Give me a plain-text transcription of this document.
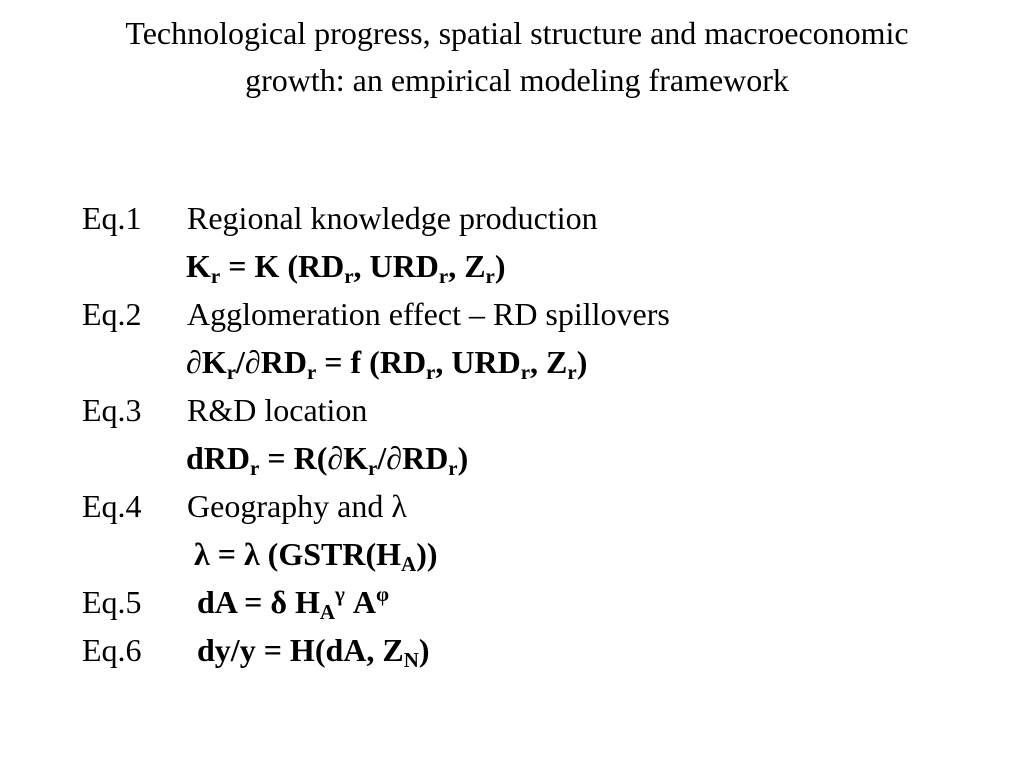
Technological progress, spatial structure and macroeconomic growth: an empirical modeling framework
Eq.1 Regional knowledge production
$K_r = K$ ($RD_r$, $URD_r$, $Z_r$)
Eq.2 Agglomeration effect – RD spillovers
$\partial K_r/\partial RD_r = f$ ($RD_r$, $URD_r$, $Z_r$)
Eq.3 R&D location
$dRD_r = R(\partial K_r/\partial RD_r)$
Eq.4 Geography and λ
λ = λ $(GSTR(H_A))$
Eq.5 dA = δ $H_A^\gamma$ $A^\varphi$
Eq.6 dy/y = H(dA, $Z_N$)
